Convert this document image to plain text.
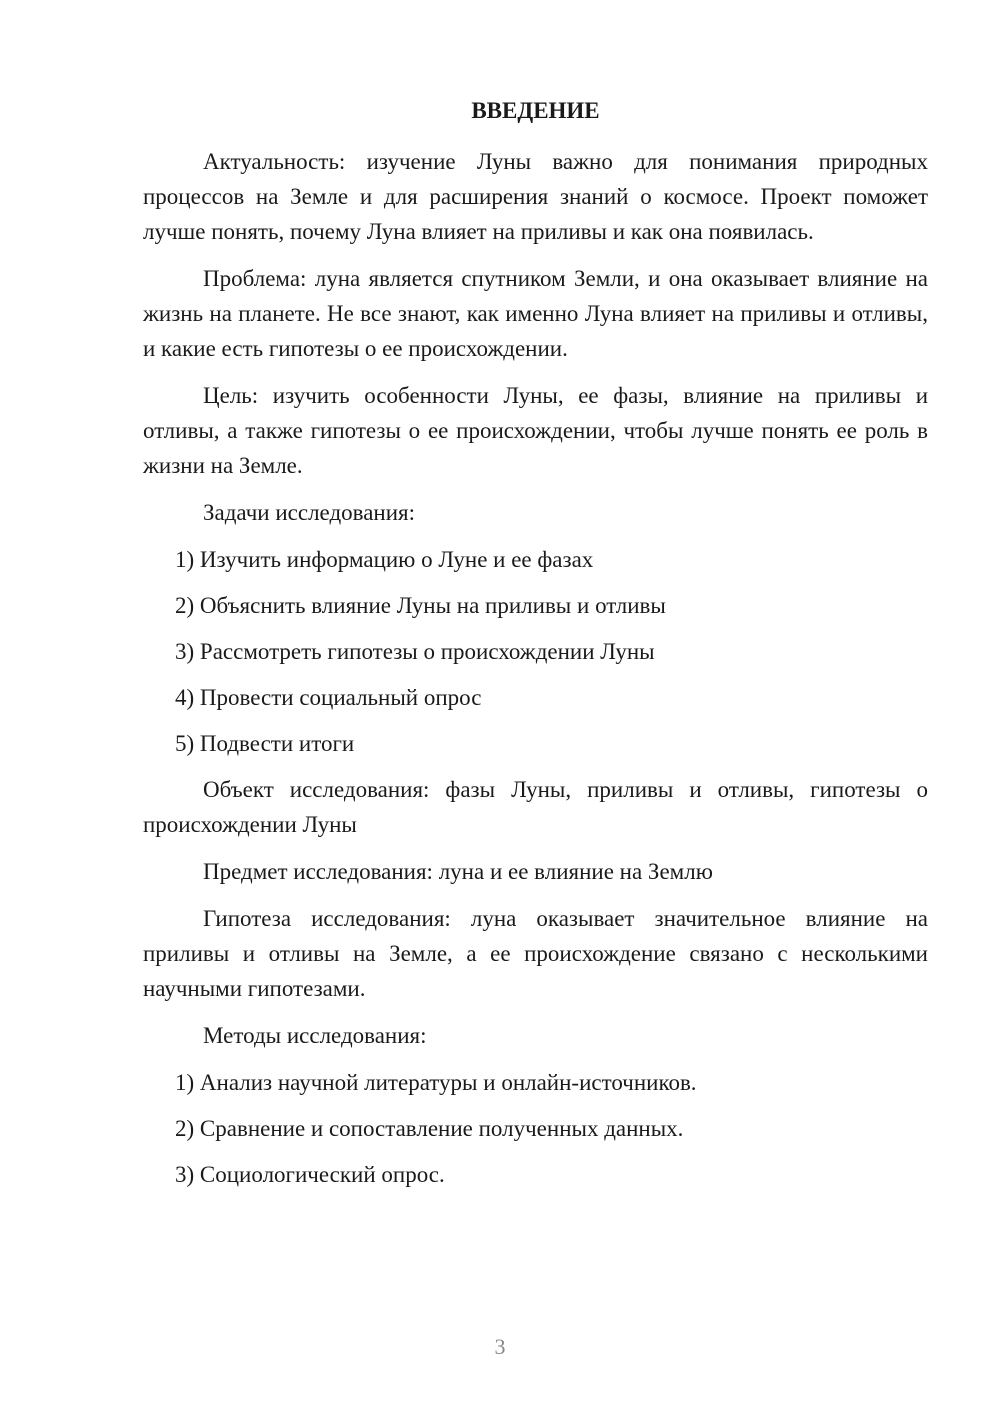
ВВЕДЕНИЕ

Актуальность: изучение Луны важно для понимания природных процессов на Земле и для расширения знаний о космосе. Проект поможет лучше понять, почему Луна влияет на приливы и как она появилась.

Проблема: луна является спутником Земли, и она оказывает влияние на жизнь на планете. Не все знают, как именно Луна влияет на приливы и отливы, и какие есть гипотезы о ее происхождении.

Цель: изучить особенности Луны, ее фазы, влияние на приливы и отливы, а также гипотезы о ее происхождении, чтобы лучше понять ее роль в жизни на Земле.

Задачи исследования:

1) Изучить информацию о Луне и ее фазах
2) Объяснить влияние Луны на приливы и отливы
3) Рассмотреть гипотезы о происхождении Луны
4) Провести социальный опрос
5) Подвести итоги

Объект исследования: фазы Луны, приливы и отливы, гипотезы о происхождении Луны

Предмет исследования: луна и ее влияние на Землю

Гипотеза исследования: луна оказывает значительное влияние на приливы и отливы на Земле, а ее происхождение связано с несколькими научными гипотезами.

Методы исследования:

1) Анализ научной литературы и онлайн-источников.
2) Сравнение и сопоставление полученных данных.
3) Социологический опрос.
3
